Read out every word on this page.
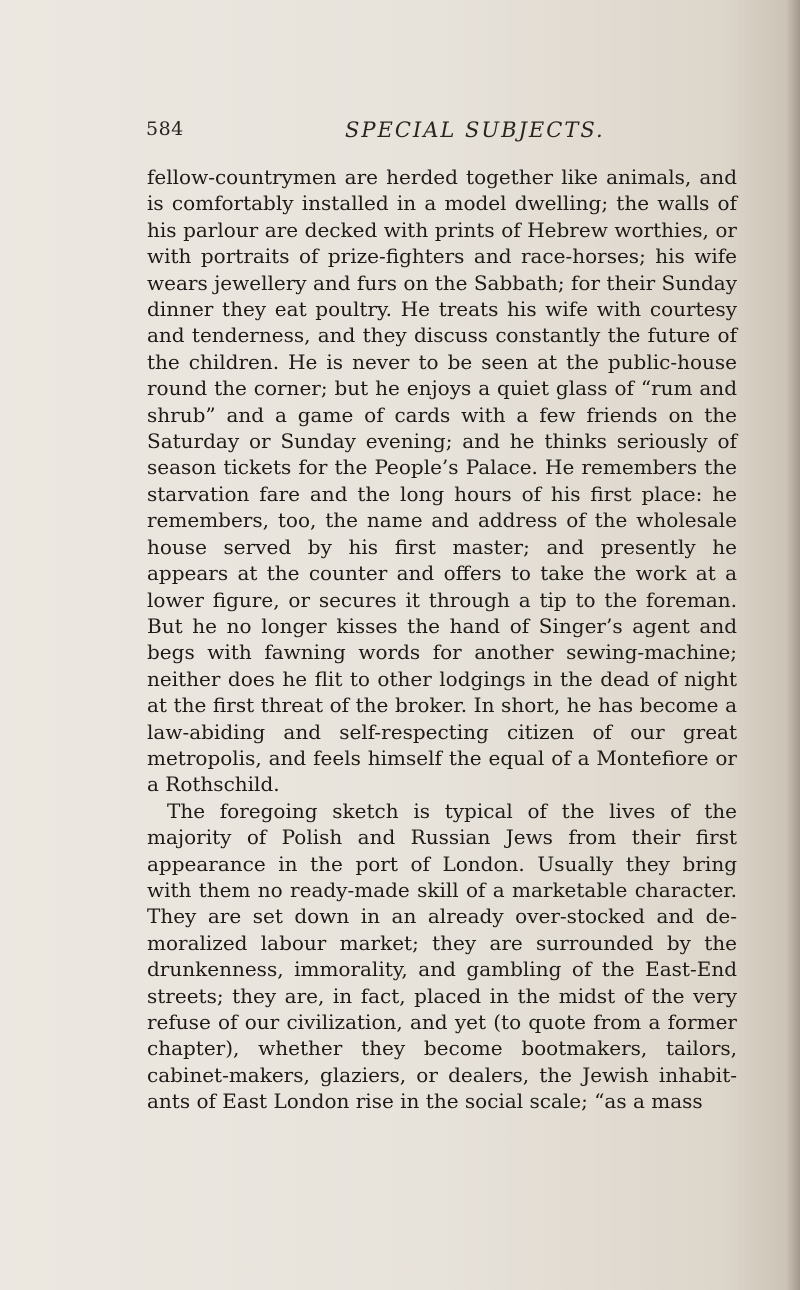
584	SPECIAL SUBJECTS.

fellow-countrymen are herded together like animals, and is comfortably installed in a model dwelling; the walls of his parlour are decked with prints of Hebrew worthies, or with portraits of prize-fighters and race-horses; his wife wears jewellery and furs on the Sabbath; for their Sunday dinner they eat poultry. He treats his wife with courtesy and tenderness, and they discuss constantly the future of the children. He is never to be seen at the public-house round the corner; but he enjoys a quiet glass of “rum and shrub” and a game of cards with a few friends on the Saturday or Sunday evening; and he thinks seriously of season tickets for the People’s Palace. He remembers the starvation fare and the long hours of his first place: he remembers, too, the name and address of the wholesale house served by his first master; and presently he appears at the counter and offers to take the work at a lower figure, or secures it through a tip to the foreman. But he no longer kisses the hand of Singer’s agent and begs with fawning words for another sewing-machine; neither does he flit to other lodgings in the dead of night at the first threat of the broker. In short, he has become a law-abiding and self-respecting citizen of our great metropolis, and feels himself the equal of a Montefiore or a Rothschild.

The foregoing sketch is typical of the lives of the majority of Polish and Russian Jews from their first appearance in the port of London. Usually they bring with them no ready-made skill of a marketable character. They are set down in an already over-stocked and de-moralized labour market; they are surrounded by the drunkenness, immorality, and gambling of the East-End streets; they are, in fact, placed in the midst of the very refuse of our civilization, and yet (to quote from a former chapter), whether they become bootmakers, tailors, cabinet-makers, glaziers, or dealers, the Jewish inhabit-ants of East London rise in the social scale; “as a mass
